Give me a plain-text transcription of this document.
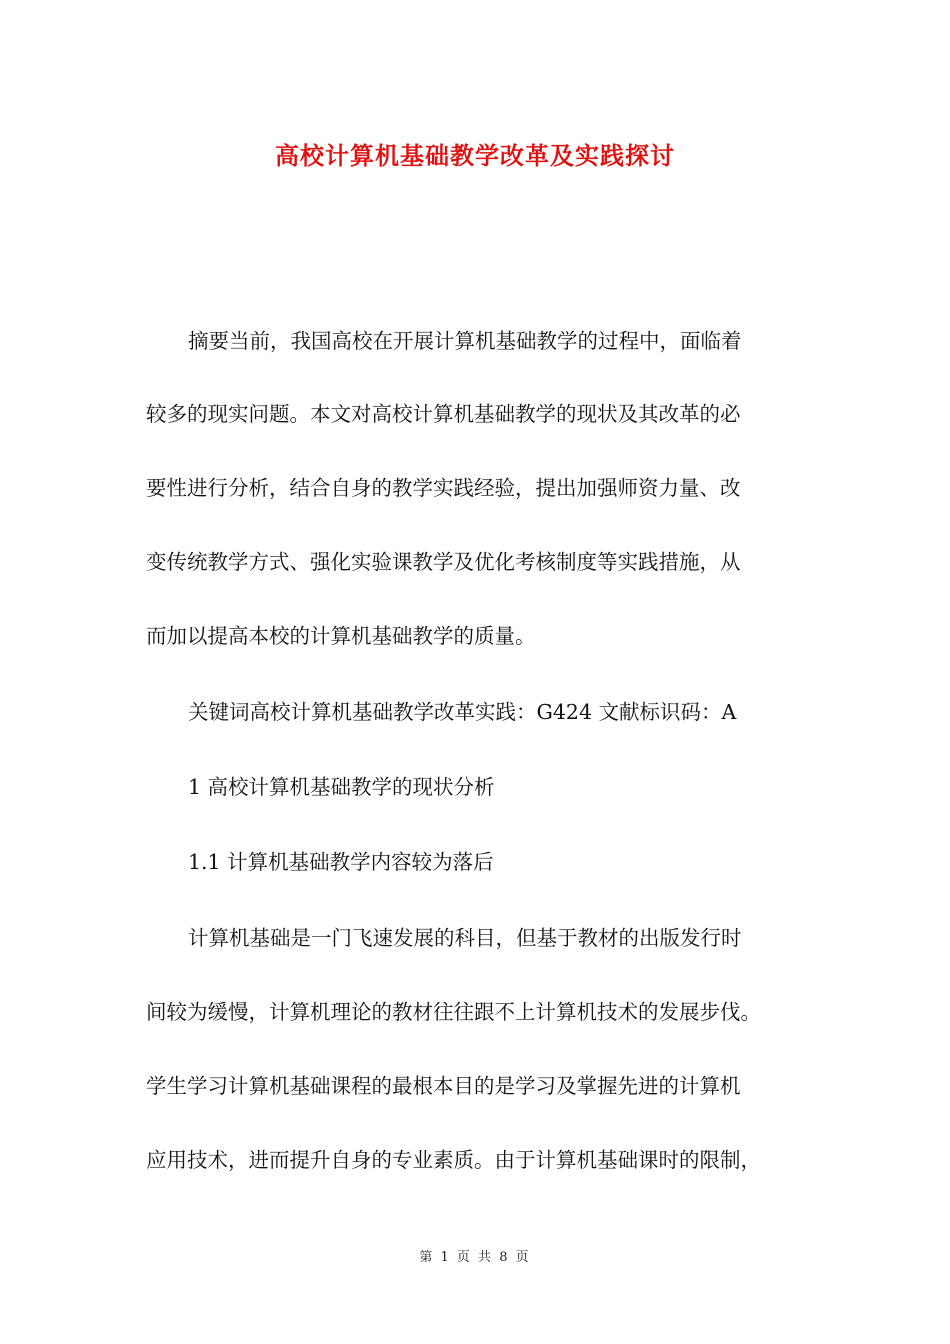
高校计算机基础教学改革及实践探讨
摘要当前，我国高校在开展计算机基础教学的过程中，面临着
较多的现实问题。本文对高校计算机基础教学的现状及其改革的必
要性进行分析，结合自身的教学实践经验，提出加强师资力量、改
变传统教学方式、强化实验课教学及优化考核制度等实践措施，从
而加以提高本校的计算机基础教学的质量。
关键词高校计算机基础教学改革实践：G424 文献标识码：A
1 高校计算机基础教学的现状分析
1.1 计算机基础教学内容较为落后
计算机基础是一门飞速发展的科目，但基于教材的出版发行时
间较为缓慢，计算机理论的教材往往跟不上计算机技术的发展步伐。
学生学习计算机基础课程的最根本目的是学习及掌握先进的计算机
应用技术，进而提升自身的专业素质。由于计算机基础课时的限制，
第 1 页 共 8 页
